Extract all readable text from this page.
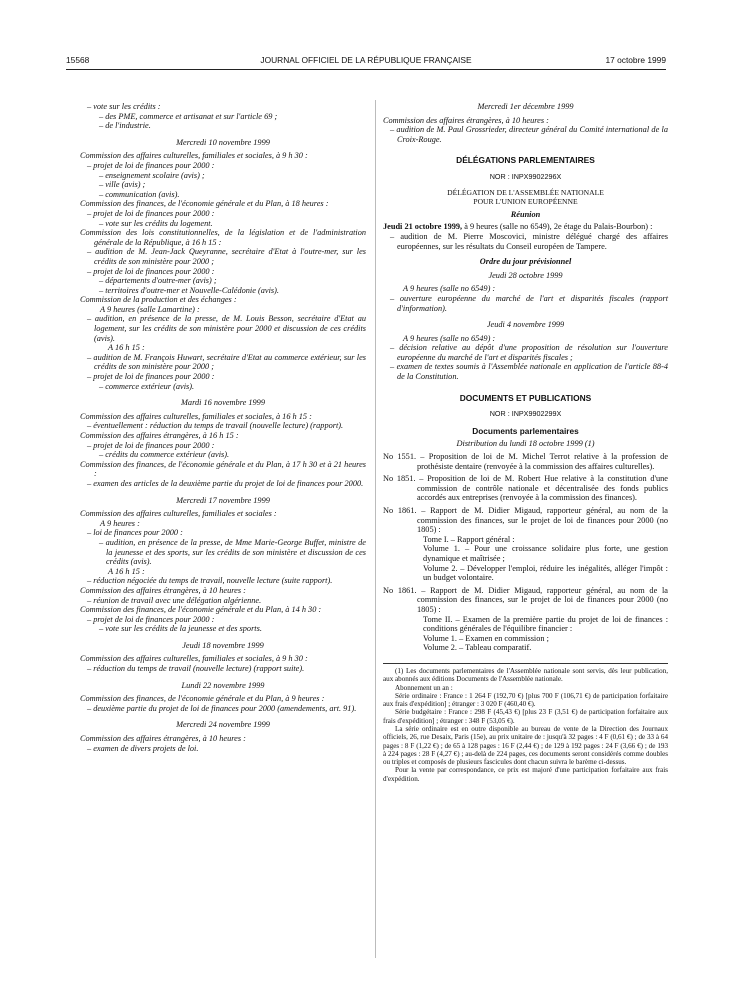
15568	JOURNAL OFFICIEL DE LA RÉPUBLIQUE FRANÇAISE	17 octobre 1999
– vote sur les crédits :
– des PME, commerce et artisanat et sur l'article 69 ;
– de l'industrie.
Mercredi 10 novembre 1999
Commission des affaires culturelles, familiales et sociales, à 9 h 30 :
– projet de loi de finances pour 2000 :
– enseignement scolaire (avis) ;
– ville (avis) ;
– communication (avis).
Commission des finances, de l'économie générale et du Plan, à 18 heures :
– projet de loi de finances pour 2000 :
– vote sur les crédits du logement.
Commission des lois constitutionnelles, de la législation et de l'administration générale de la République, à 16 h 15 :
– audition de M. Jean-Jack Queyranne, secrétaire d'Etat à l'outre-mer, sur les crédits de son ministère pour 2000 ;
– projet de loi de finances pour 2000 :
– départements d'outre-mer (avis) ;
– territoires d'outre-mer et Nouvelle-Calédonie (avis).
Commission de la production et des échanges :
A 9 heures (salle Lamartine) :
– audition, en présence de la presse, de M. Louis Besson, secrétaire d'Etat au logement, sur les crédits de son ministère pour 2000 et discussion de ces crédits (avis).
A 16 h 15 :
– audition de M. François Huwart, secrétaire d'Etat au commerce extérieur, sur les crédits de son ministère pour 2000 ;
– projet de loi de finances pour 2000 :
– commerce extérieur (avis).
Mardi 16 novembre 1999
Commission des affaires culturelles, familiales et sociales, à 16 h 15 :
– éventuellement : réduction du temps de travail (nouvelle lecture) (rapport).
Commission des affaires étrangères, à 16 h 15 :
– projet de loi de finances pour 2000 :
– crédits du commerce extérieur (avis).
Commission des finances, de l'économie générale et du Plan, à 17 h 30 et à 21 heures :
– examen des articles de la deuxième partie du projet de loi de finances pour 2000.
Mercredi 17 novembre 1999
Commission des affaires culturelles, familiales et sociales :
A 9 heures :
– loi de finances pour 2000 :
– audition, en présence de la presse, de Mme Marie-George Buffet, ministre de la jeunesse et des sports, sur les crédits de son ministère et discussion de ces crédits (avis).
A 16 h 15 :
– réduction négociée du temps de travail, nouvelle lecture (suite rapport).
Commission des affaires étrangères, à 10 heures :
– réunion de travail avec une délégation algérienne.
Commission des finances, de l'économie générale et du Plan, à 14 h 30 :
– projet de loi de finances pour 2000 :
– vote sur les crédits de la jeunesse et des sports.
Jeudi 18 novembre 1999
Commission des affaires culturelles, familiales et sociales, à 9 h 30 :
– réduction du temps de travail (nouvelle lecture) (rapport suite).
Lundi 22 novembre 1999
Commission des finances, de l'économie générale et du Plan, à 9 heures :
– deuxième partie du projet de loi de finances pour 2000 (amendements, art. 91).
Mercredi 24 novembre 1999
Commission des affaires étrangères, à 10 heures :
– examen de divers projets de loi.
Mercredi 1er décembre 1999
Commission des affaires étrangères, à 10 heures :
– audition de M. Paul Grossrieder, directeur général du Comité international de la Croix-Rouge.
DÉLÉGATIONS PARLEMENTAIRES
NOR : INPX9902296X
DÉLÉGATION DE L'ASSEMBLÉE NATIONALE
POUR L'UNION EUROPÉENNE
Réunion
Jeudi 21 octobre 1999, à 9 heures (salle no 6549), 2e étage du Palais-Bourbon) :
– audition de M. Pierre Moscovici, ministre délégué chargé des affaires européennes, sur les résultats du Conseil européen de Tampere.
Ordre du jour prévisionnel
Jeudi 28 octobre 1999
A 9 heures (salle no 6549) :
– ouverture européenne du marché de l'art et disparités fiscales (rapport d'information).
Jeudi 4 novembre 1999
A 9 heures (salle no 6549) :
– décision relative au dépôt d'une proposition de résolution sur l'ouverture européenne du marché de l'art et disparités fiscales ;
– examen de textes soumis à l'Assemblée nationale en application de l'article 88-4 de la Constitution.
DOCUMENTS ET PUBLICATIONS
NOR : INPX9902299X
Documents parlementaires
Distribution du lundi 18 octobre 1999 (1)
No 1551. – Proposition de loi de M. Michel Terrot relative à la profession de prothésiste dentaire (renvoyée à la commission des affaires culturelles).
No 1851. – Proposition de loi de M. Robert Hue relative à la constitution d'une commission de contrôle nationale et décentralisée des fonds publics accordés aux entreprises (renvoyée à la commission des finances).
No 1861. – Rapport de M. Didier Migaud, rapporteur général, au nom de la commission des finances, sur le projet de loi de finances pour 2000 (no 1805) :
Tome I. – Rapport général :
Volume 1. – Pour une croissance solidaire plus forte, une gestion dynamique et maîtrisée ;
Volume 2. – Développer l'emploi, réduire les inégalités, alléger l'impôt : un budget volontaire.
No 1861. – Rapport de M. Didier Migaud, rapporteur général, au nom de la commission des finances, sur le projet de loi de finances pour 2000 (no 1805) :
Tome II. – Examen de la première partie du projet de loi de finances : conditions générales de l'équilibre financier :
Volume 1. – Examen en commission ;
Volume 2. – Tableau comparatif.

(1) Les documents parlementaires de l'Assemblée nationale sont servis, dès leur publication, aux abonnés aux éditions Documents de l'Assemblée nationale.

Abonnement un an :

Série ordinaire : France : 1 264 F (192,70 €) [plus 700 F (106,71 €) de participation forfaitaire aux frais d'expédition] ; étranger : 3 020 F (460,40 €).

Série budgétaire : France : 298 F (45,43 €) [plus 23 F (3,51 €) de participation forfaitaire aux frais d'expédition] ; étranger : 348 F (53,05 €).

La série ordinaire est en outre disponible au bureau de vente de la Direction des Journaux officiels, 26, rue Desaix, Paris (15e), au prix unitaire de : jusqu'à 32 pages : 4 F (0,61 €) ; de 33 à 64 pages : 8 F (1,22 €) ; de 65 à 128 pages : 16 F (2,44 €) ; de 129 à 192 pages : 24 F (3,66 €) ; de 193 à 224 pages : 28 F (4,27 €) ; au-delà de 224 pages, ces documents seront considérés comme doubles ou triples et composés de plusieurs fascicules dont chacun suivra le barème ci-dessus.

Pour la vente par correspondance, ce prix est majoré d'une participation forfaitaire aux frais d'expédition.
